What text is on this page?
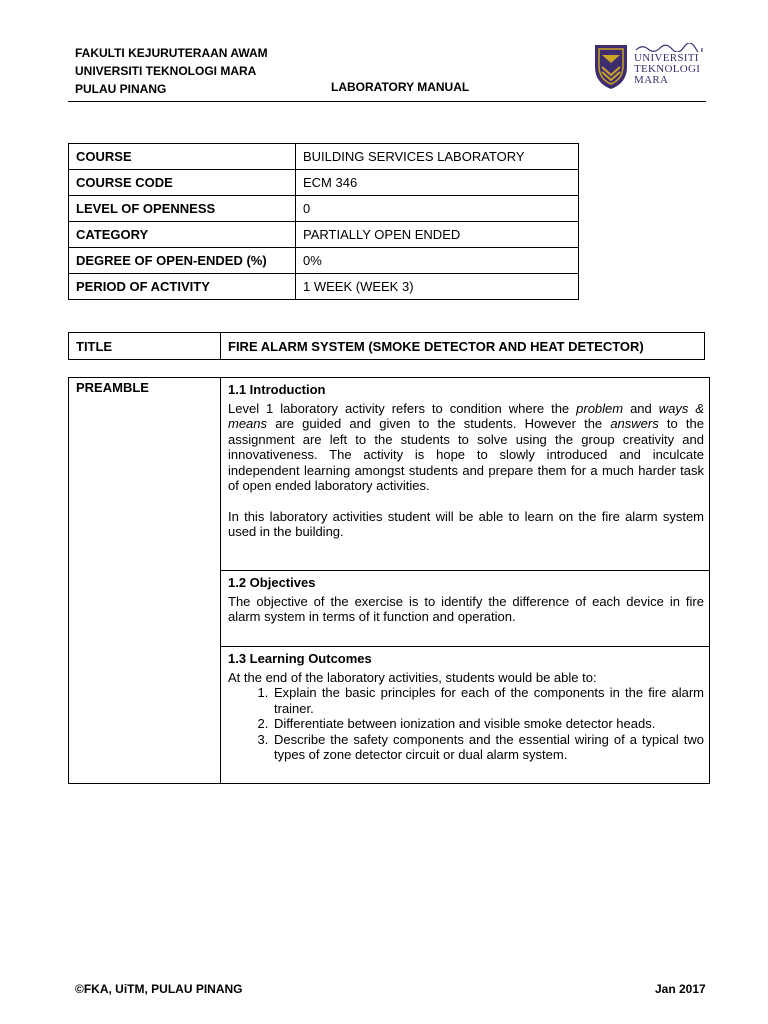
FAKULTI KEJURUTERAAN AWAM
UNIVERSITI TEKNOLOGI MARA
PULAU PINANG	LABORATORY MANUAL
UNIVERSITI
TEKNOLOGI
MARA
COURSE	BUILDING SERVICES LABORATORY
COURSE CODE	ECM 346
LEVEL OF OPENNESS	0
CATEGORY	PARTIALLY OPEN ENDED
DEGREE OF OPEN-ENDED (%)	0%
PERIOD OF ACTIVITY	1 WEEK (WEEK 3)
TITLE	FIRE ALARM SYSTEM (SMOKE DETECTOR AND HEAT DETECTOR)
PREAMBLE	1.1 Introduction

Level 1 laboratory activity refers to condition where the problem and ways & means are guided and given to the students. However the answers to the assignment are left to the students to solve using the group creativity and innovativeness. The activity is hope to slowly introduced and inculcate independent learning amongst students and prepare them for a much harder task of open ended laboratory activities.

In this laboratory activities student will be able to learn on the fire alarm system used in the building.

1.2 Objectives

The objective of the exercise is to identify the difference of each device in fire alarm system in terms of it function and operation.

1.3 Learning Outcomes

At the end of the laboratory activities, students would be able to:

1. Explain the basic principles for each of the components in the fire alarm trainer.
2. Differentiate between ionization and visible smoke detector heads.
3. Describe the safety components and the essential wiring of a typical two types of zone detector circuit or dual alarm system.
©FKA, UiTM, PULAU PINANG	Jan 2017
